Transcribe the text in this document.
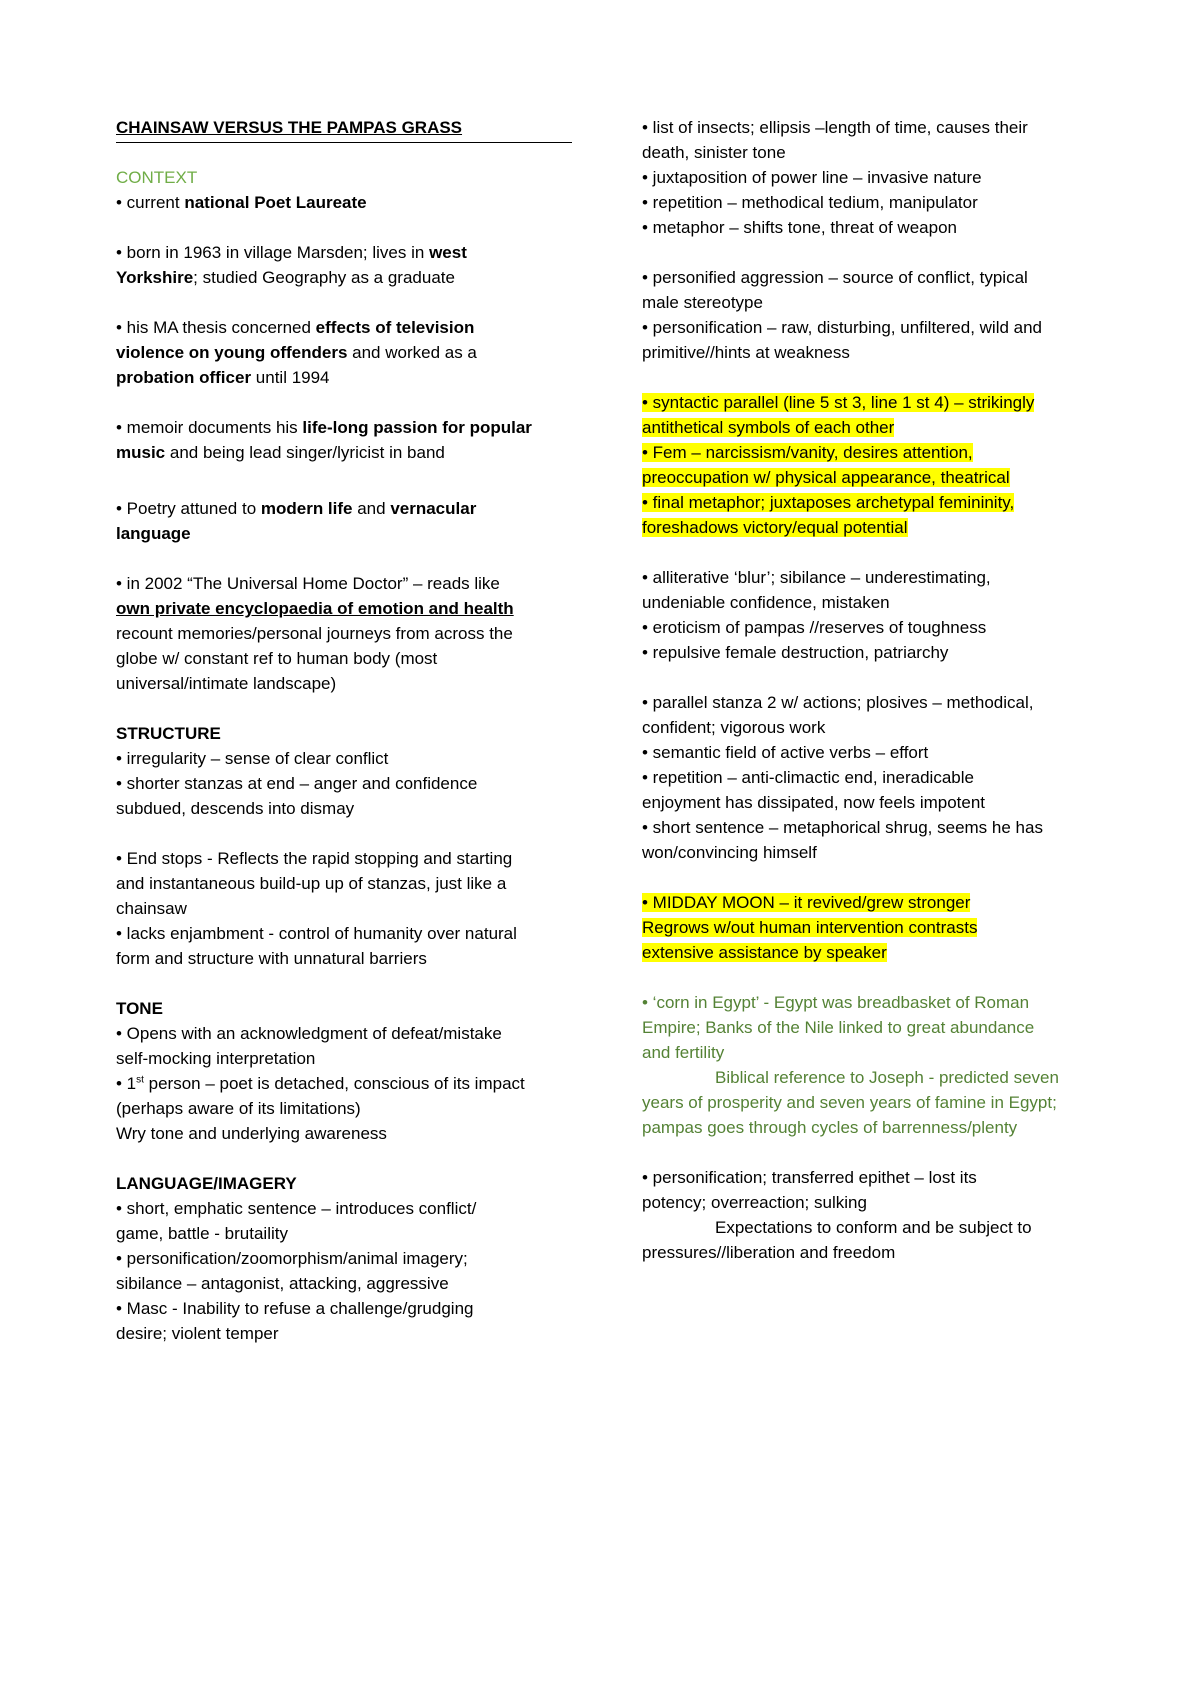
CHAINSAW VERSUS THE PAMPAS GRASS
CONTEXT
• current national Poet Laureate
• born in 1963 in village Marsden; lives in west
Yorkshire; studied Geography as a graduate
• his MA thesis concerned effects of television
violence on young offenders and worked as a
probation officer until 1994
• memoir documents his life-long passion for popular
music and being lead singer/lyricist in band
• Poetry attuned to modern life and vernacular
language
• in 2002 “The Universal Home Doctor” – reads like
own private encyclopaedia of emotion and health
recount memories/personal journeys from across the
globe w/ constant ref to human body (most
universal/intimate landscape)
STRUCTURE
• irregularity – sense of clear conflict
• shorter stanzas at end – anger and confidence
subdued, descends into dismay
• End stops - Reflects the rapid stopping and starting
and instantaneous build-up up of stanzas, just like a
chainsaw
• lacks enjambment - control of humanity over natural
form and structure with unnatural barriers
TONE
• Opens with an acknowledgment of defeat/mistake
self-mocking interpretation
• 1st person – poet is detached, conscious of its impact
(perhaps aware of its limitations)
Wry tone and underlying awareness
LANGUAGE/IMAGERY
• short, emphatic sentence – introduces conflict/
game, battle - brutaility
• personification/zoomorphism/animal imagery;
sibilance – antagonist, attacking, aggressive
• Masc - Inability to refuse a challenge/grudging
desire; violent temper
• list of insects; ellipsis –length of time, causes their
death, sinister tone
• juxtaposition of power line – invasive nature
• repetition – methodical tedium, manipulator
• metaphor – shifts tone, threat of weapon
• personified aggression – source of conflict, typical
male stereotype
• personification – raw, disturbing, unfiltered, wild and
primitive//hints at weakness
• syntactic parallel (line 5 st 3, line 1 st 4) – strikingly
antithetical symbols of each other
• Fem – narcissism/vanity, desires attention,
preoccupation w/ physical appearance, theatrical
• final metaphor; juxtaposes archetypal femininity,
foreshadows victory/equal potential
• alliterative ‘blur’; sibilance – underestimating,
undeniable confidence, mistaken
• eroticism of pampas //reserves of toughness
• repulsive female destruction, patriarchy
• parallel stanza 2 w/ actions; plosives – methodical,
confident; vigorous work
• semantic field of active verbs – effort
• repetition – anti-climactic end, ineradicable
enjoyment has dissipated, now feels impotent
• short sentence – metaphorical shrug, seems he has
won/convincing himself
• MIDDAY MOON – it revived/grew stronger
Regrows w/out human intervention contrasts
extensive assistance by speaker
• ‘corn in Egypt’ - Egypt was breadbasket of Roman
Empire; Banks of the Nile linked to great abundance
and fertility
Biblical reference to Joseph - predicted seven
years of prosperity and seven years of famine in Egypt;
pampas goes through cycles of barrenness/plenty
• personification; transferred epithet – lost its
potency; overreaction; sulking
Expectations to conform and be subject to
pressures//liberation and freedom
